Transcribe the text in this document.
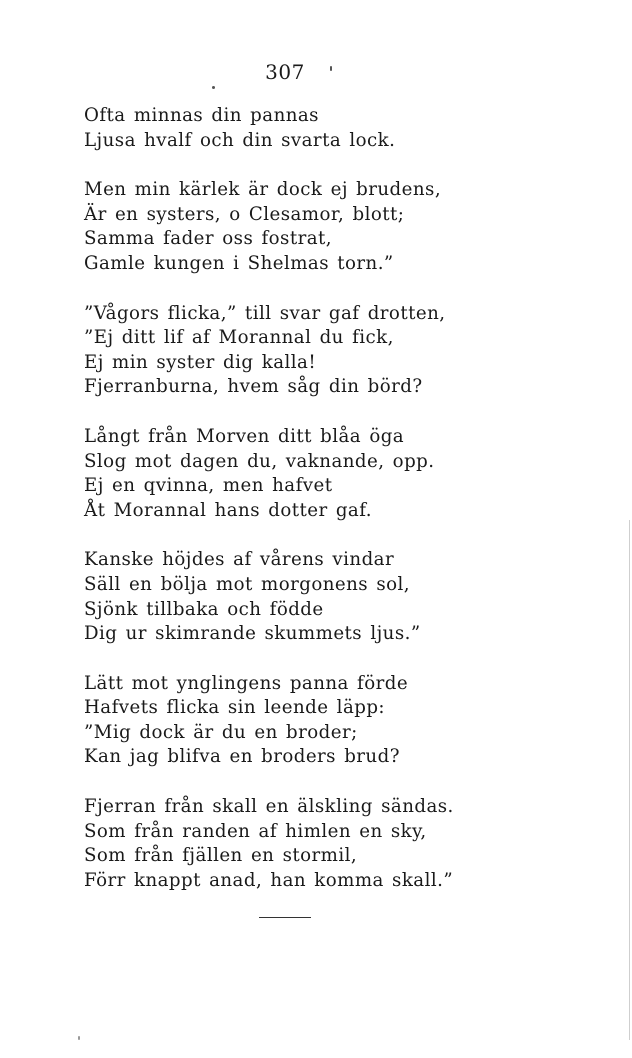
307
Ofta minnas din pannas
Ljusa hvalf och din svarta lock.
Men min kärlek är dock ej brudens,
Är en systers, o Clesamor, blott;
Samma fader oss fostrat,
Gamle kungen i Shelmas torn.”
”Vågors flicka,” till svar gaf drotten,
”Ej ditt lif af Morannal du fick,
Ej min syster dig kalla!
Fjerranburna, hvem såg din börd?
Långt från Morven ditt blåa öga
Slog mot dagen du, vaknande, opp.
Ej en qvinna, men hafvet
Åt Morannal hans dotter gaf.
Kanske höjdes af vårens vindar
Säll en bölja mot morgonens sol,
Sjönk tillbaka och födde
Dig ur skimrande skummets ljus.”
Lätt mot ynglingens panna förde
Hafvets flicka sin leende läpp:
”Mig dock är du en broder;
Kan jag blifva en broders brud?
Fjerran från skall en älskling sändas.
Som från randen af himlen en sky,
Som från fjällen en stormil,
Förr knappt anad, han komma skall.”
